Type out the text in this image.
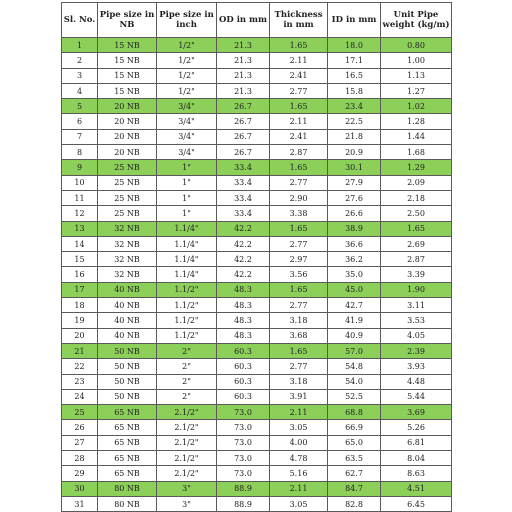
Sl. No.	Pipe size in NB	Pipe size in inch	OD in mm	Thickness in mm	ID in mm	Unit Pipe weight (kg/m)
1	15 NB	1/2"	21.3	1.65	18.0	0.80
2	15 NB	1/2"	21.3	2.11	17.1	1.00
3	15 NB	1/2"	21.3	2.41	16.5	1.13
4	15 NB	1/2"	21.3	2.77	15.8	1.27
5	20 NB	3/4"	26.7	1.65	23.4	1.02
6	20 NB	3/4"	26.7	2.11	22.5	1.28
7	20 NB	3/4"	26.7	2.41	21.8	1.44
8	20 NB	3/4"	26.7	2.87	20.9	1.68
9	25 NB	1"	33.4	1.65	30.1	1.29
10	25 NB	1"	33.4	2.77	27.9	2.09
11	25 NB	1"	33.4	2.90	27.6	2.18
12	25 NB	1"	33.4	3.38	26.6	2.50
13	32 NB	1.1/4"	42.2	1.65	38.9	1.65
14	32 NB	1.1/4"	42.2	2.77	36.6	2.69
15	32 NB	1.1/4"	42.2	2.97	36.2	2.87
16	32 NB	1.1/4"	42.2	3.56	35.0	3.39
17	40 NB	1.1/2"	48.3	1.65	45.0	1.90
18	40 NB	1.1/2"	48.3	2.77	42.7	3.11
19	40 NB	1.1/2"	48.3	3.18	41.9	3.53
20	40 NB	1.1/2"	48.3	3.68	40.9	4.05
21	50 NB	2"	60.3	1.65	57.0	2.39
22	50 NB	2"	60.3	2.77	54.8	3.93
23	50 NB	2"	60.3	3.18	54.0	4.48
24	50 NB	2"	60.3	3.91	52.5	5.44
25	65 NB	2.1/2"	73.0	2.11	68.8	3.69
26	65 NB	2.1/2"	73.0	3.05	66.9	5.26
27	65 NB	2.1/2"	73.0	4.00	65.0	6.81
28	65 NB	2.1/2"	73.0	4.78	63.5	8.04
29	65 NB	2.1/2"	73.0	5.16	62.7	8.63
30	80 NB	3"	88.9	2.11	84.7	4.51
31	80 NB	3"	88.9	3.05	82.8	6.45
